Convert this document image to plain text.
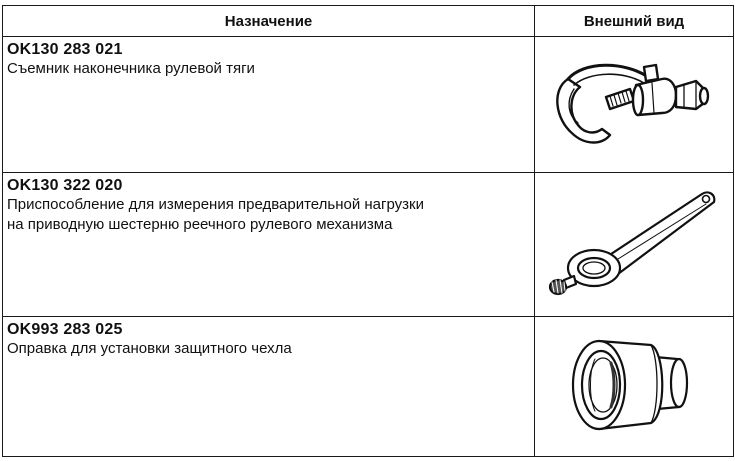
Назначение	Внешний вид

OK130 283 021
Съемник наконечника рулевой тяги

OK130 322 020
Приспособление для измерения предварительной нагрузки
на приводную шестерню реечного рулевого механизма

OK993 283 025
Оправка для установки защитного чехла
